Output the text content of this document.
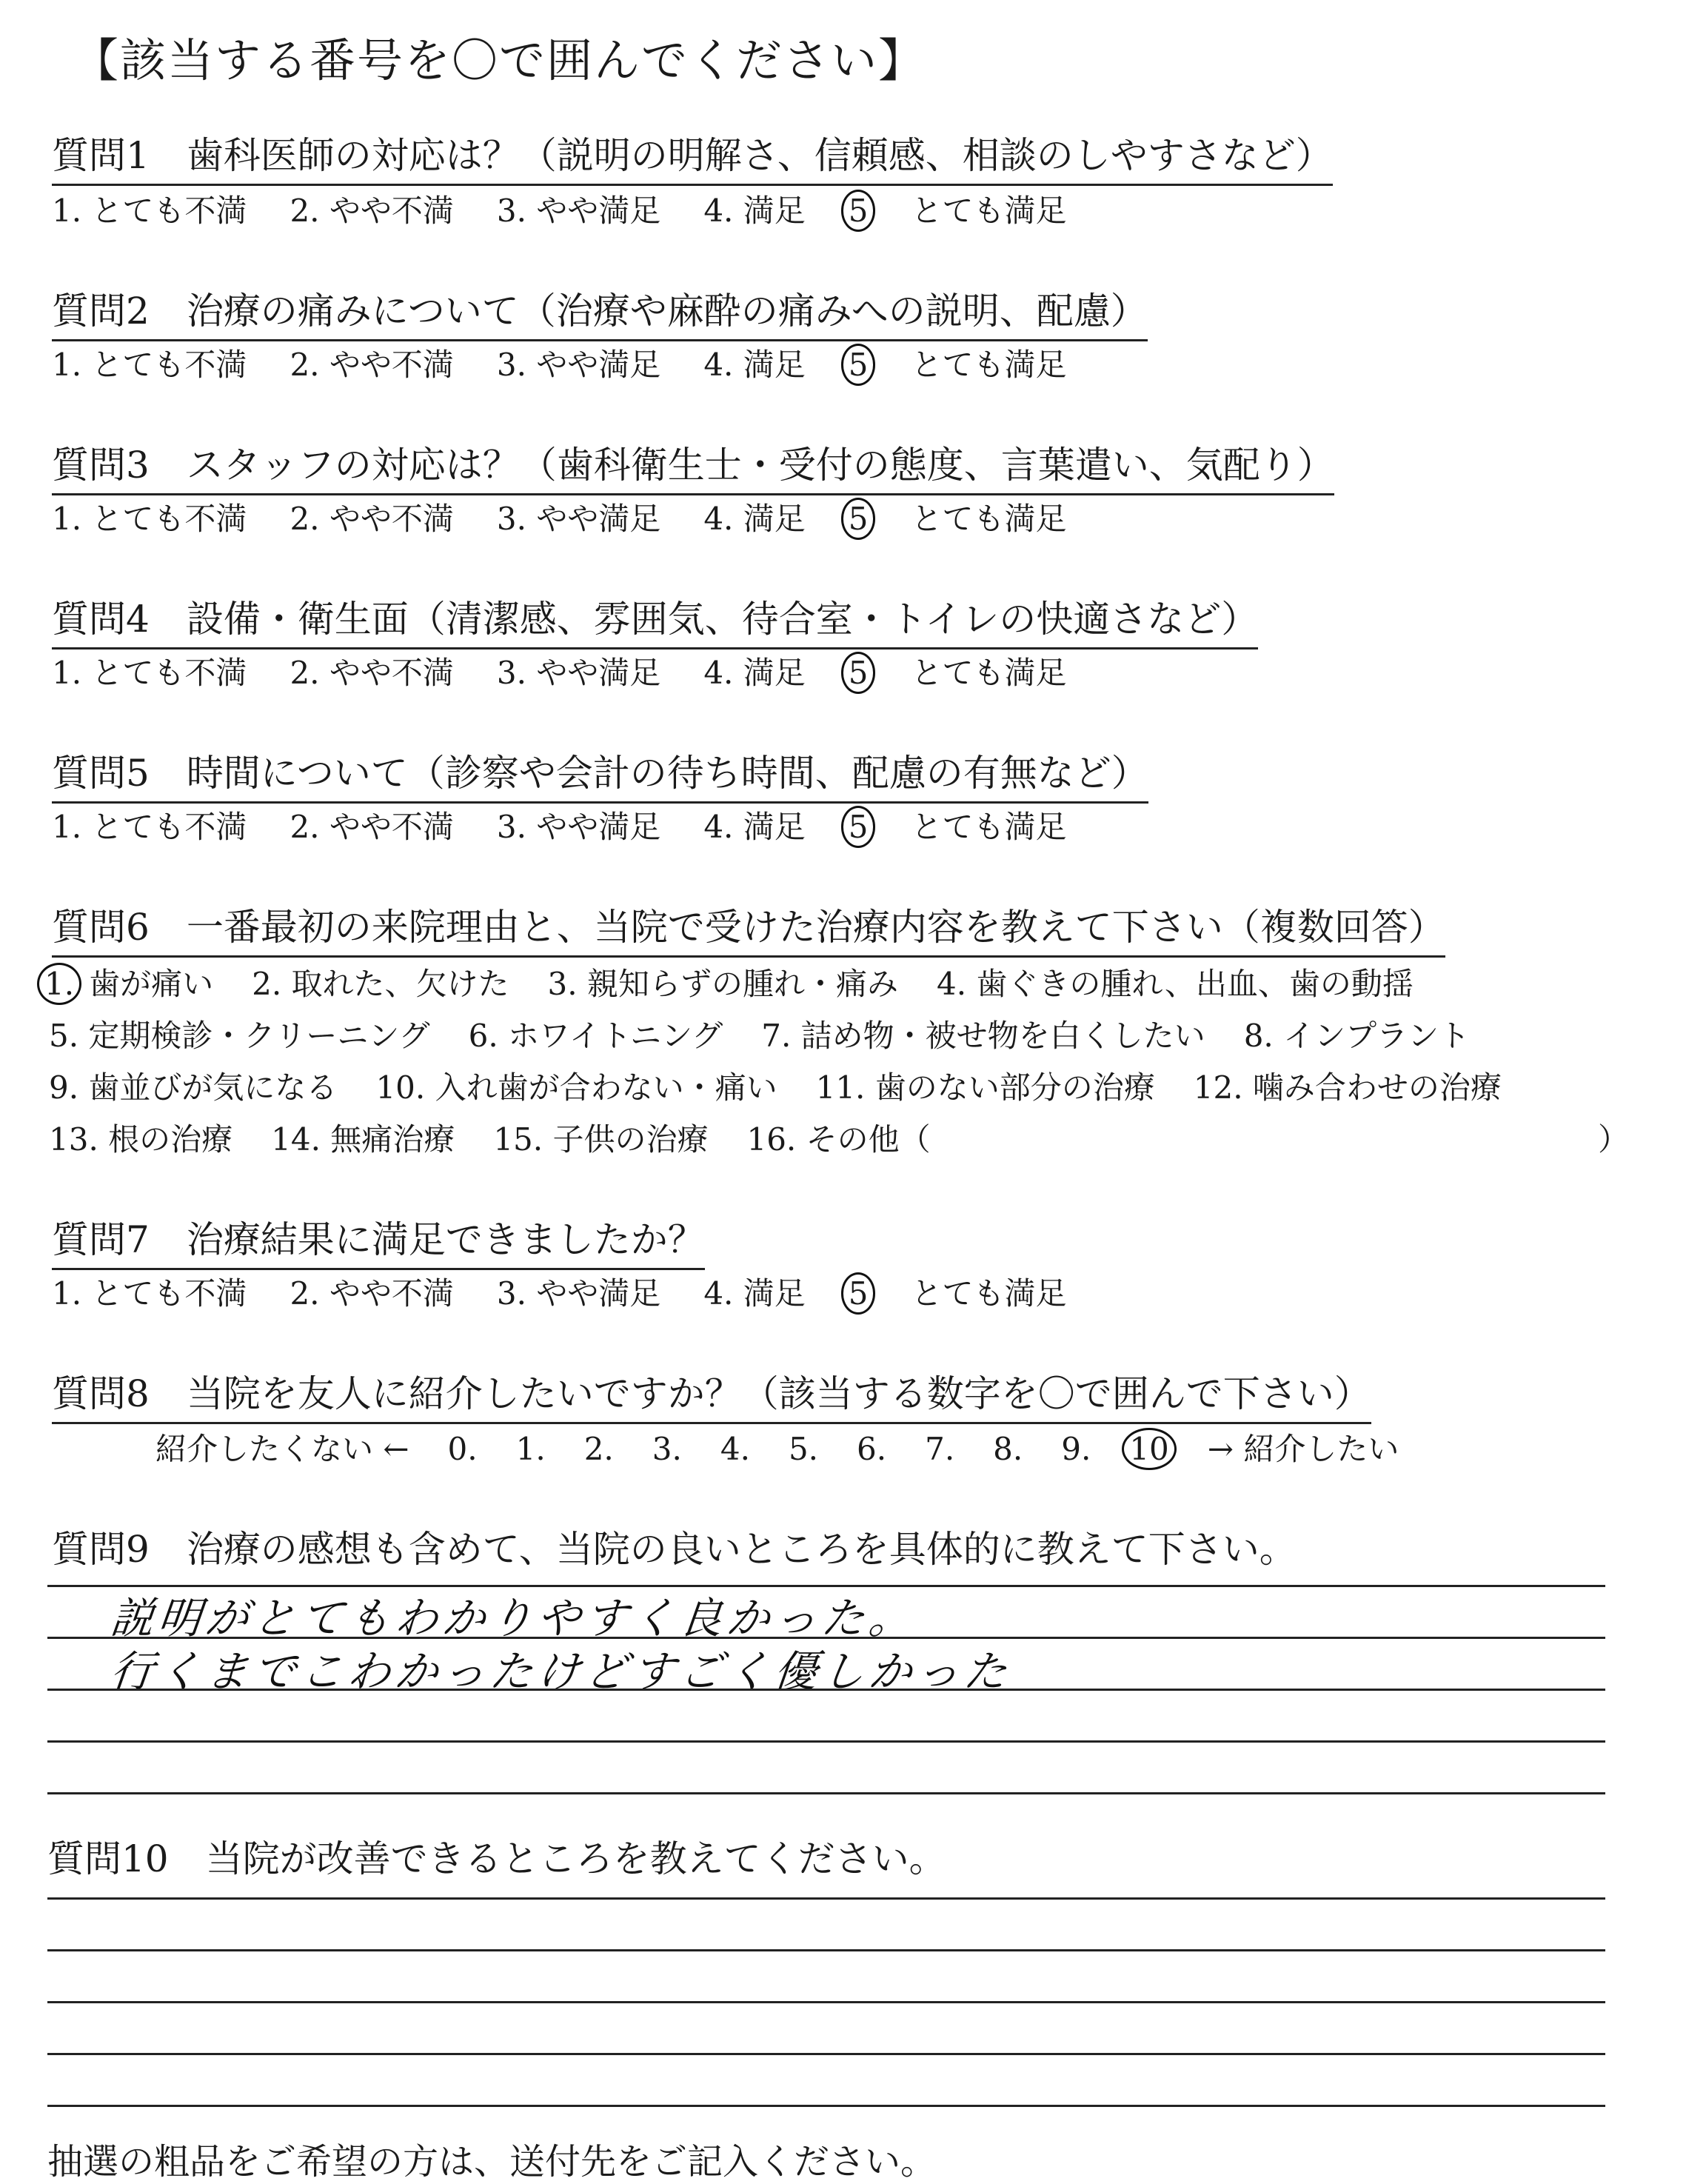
【該当する番号を〇で囲んでください】
質問1　 歯科医師の対応は？（説明の明解さ、信頼感、相談のしやすさなど）
1. とても不満 2. やや不満 3. やや満足 4. 満足 5 とても満足
質問2　 治療の痛みについて（治療や麻酔の痛みへの説明、配慮）
1. とても不満 2. やや不満 3. やや満足 4. 満足 5 とても満足
質問3　 スタッフの対応は？（歯科衛生士・受付の態度、言葉遣い、気配り）
1. とても不満 2. やや不満 3. やや満足 4. 満足 5 とても満足
質問4　 設備・衛生面（清潔感、雰囲気、待合室・トイレの快適さなど）
1. とても不満 2. やや不満 3. やや満足 4. 満足 5 とても満足
質問5　 時間について（診察や会計の待ち時間、配慮の有無など）
1. とても不満 2. やや不満 3. やや満足 4. 満足 5 とても満足
質問6　 一番最初の来院理由と、当院で受けた治療内容を教えて下さい（複数回答）
1. 歯が痛い 2. 取れた、欠けた 3. 親知らずの腫れ・痛み 4. 歯ぐきの腫れ、出血、歯の動揺
5. 定期検診・クリーニング 6. ホワイトニング 7. 詰め物・被せ物を白くしたい 8. インプラント
9. 歯並びが気になる 10. 入れ歯が合わない・痛い 11. 歯のない部分の治療 12. 噛み合わせの治療
13. 根の治療 14. 無痛治療 15. 子供の治療 16. その他（	）
質問7　 治療結果に満足できましたか？
1. とても不満 2. やや不満 3. やや満足 4. 満足 5 とても満足
質問8　 当院を友人に紹介したいですか？（該当する数字を〇で囲んで下さい）
紹介したくない ← 0. 1. 2. 3. 4. 5. 6. 7. 8. 9. 10 → 紹介したい
質問9　 治療の感想も含めて、当院の良いところを具体的に教えて下さい。
説明がとてもわかりやすく良かった。
行くまでこわかったけどすごく優しかった
質問10　 当院が改善できるところを教えてください。
抽選の粗品をご希望の方は、送付先をご記入ください。
